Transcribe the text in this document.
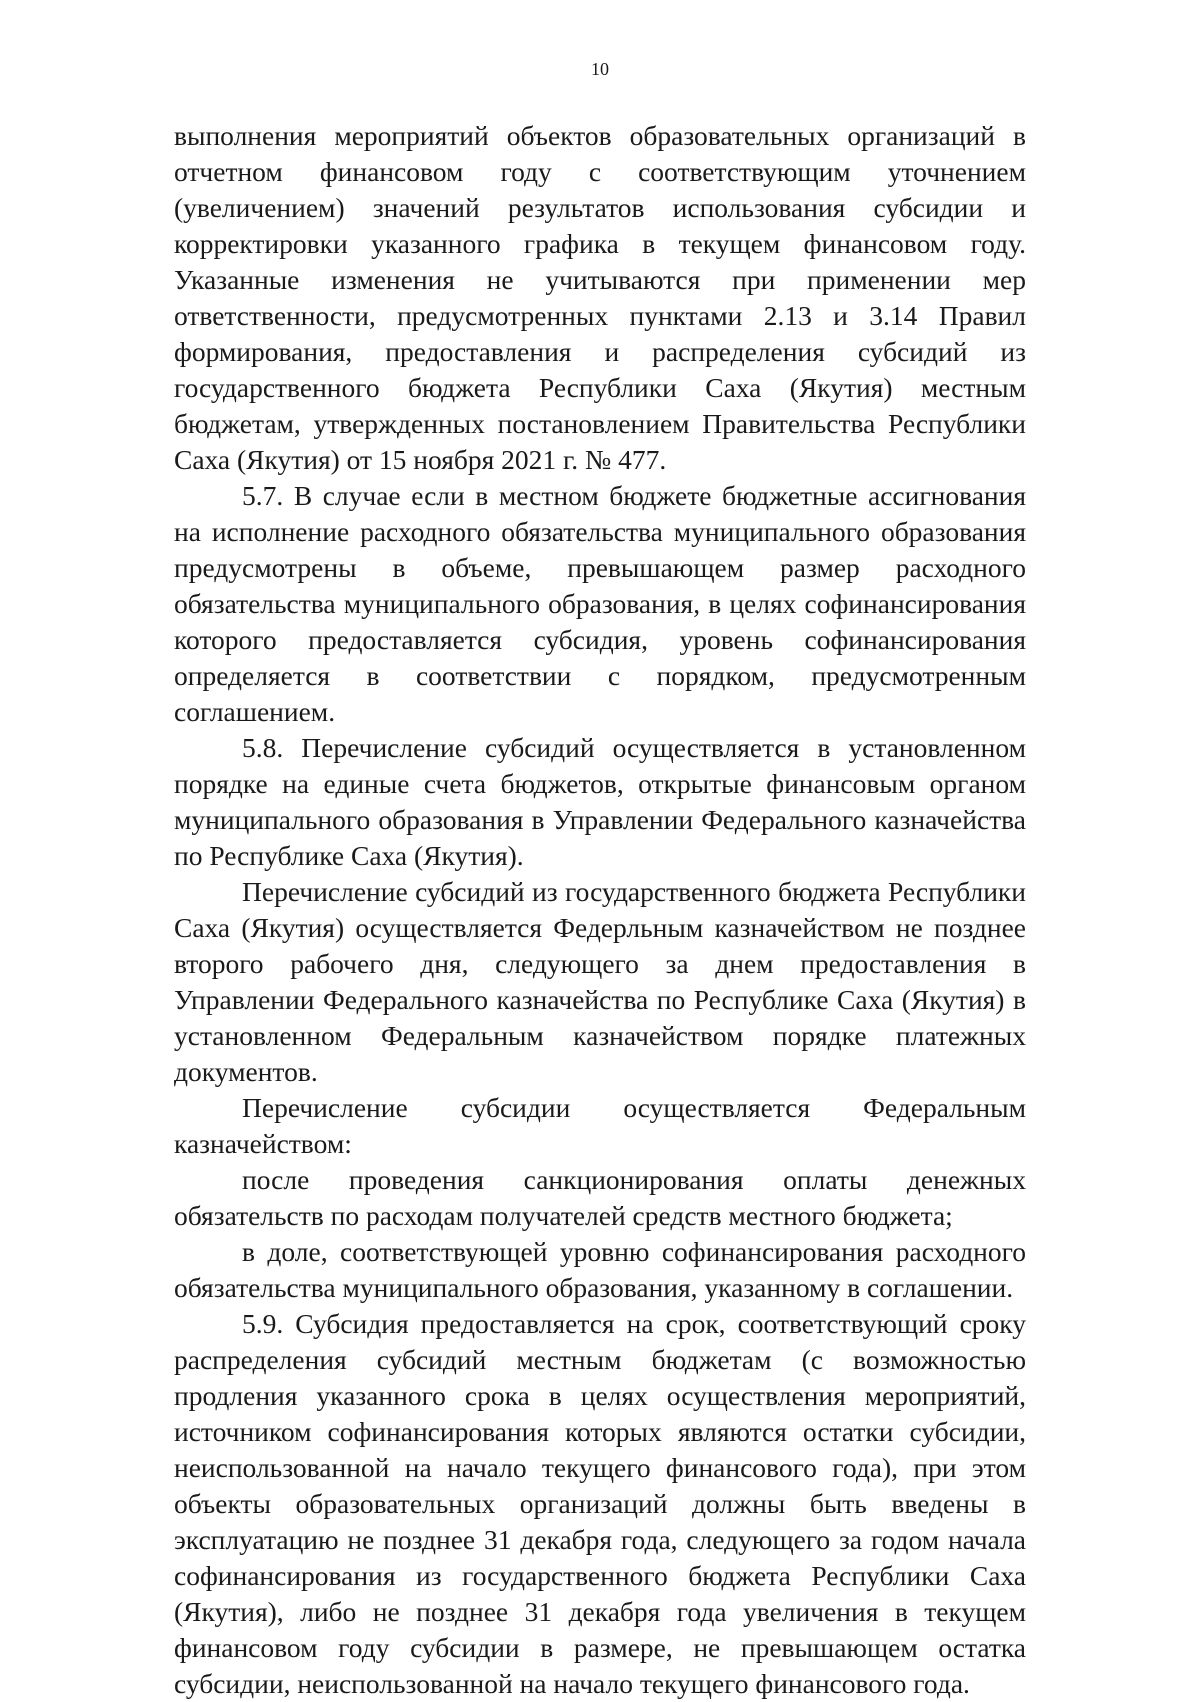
10

выполнения мероприятий объектов образовательных организаций в отчетном финансовом году с соответствующим уточнением (увеличением) значений результатов использования субсидии и корректировки указанного графика в текущем финансовом году. Указанные изменения не учитываются при применении мер ответственности, предусмотренных пунктами 2.13 и 3.14 Правил формирования, предоставления и распределения субсидий из государственного бюджета Республики Саха (Якутия) местным бюджетам, утвержденных постановлением Правительства Республики Саха (Якутия) от 15 ноября 2021 г. № 477.

5.7. В случае если в местном бюджете бюджетные ассигнования на исполнение расходного обязательства муниципального образования предусмотрены в объеме, превышающем размер расходного обязательства муниципального образования, в целях софинансирования которого предоставляется субсидия, уровень софинансирования определяется в соответствии с порядком, предусмотренным соглашением.

5.8. Перечисление субсидий осуществляется в установленном порядке на единые счета бюджетов, открытые финансовым органом муниципального образования в Управлении Федерального казначейства по Республике Саха (Якутия).

Перечисление субсидий из государственного бюджета Республики Саха (Якутия) осуществляется Федерльным казначейством не позднее второго рабочего дня, следующего за днем предоставления в Управлении Федерального казначейства по Республике Саха (Якутия) в установленном Федеральным казначейством порядке платежных документов.

Перечисление субсидии осуществляется Федеральным казначейством:

после проведения санкционирования оплаты денежных обязательств по расходам получателей средств местного бюджета;

в доле, соответствующей уровню софинансирования расходного обязательства муниципального образования, указанному в соглашении.

5.9. Субсидия предоставляется на срок, соответствующий сроку распределения субсидий местным бюджетам (с возможностью продления указанного срока в целях осуществления мероприятий, источником софинансирования которых являются остатки субсидии, неиспользованной на начало текущего финансового года), при этом объекты образовательных организаций должны быть введены в эксплуатацию не позднее 31 декабря года, следующего за годом начала софинансирования из государственного бюджета Республики Саха (Якутия), либо не позднее 31 декабря года увеличения в текущем финансовом году субсидии в размере, не превышающем остатка субсидии, неиспользованной на начало текущего финансового года.
